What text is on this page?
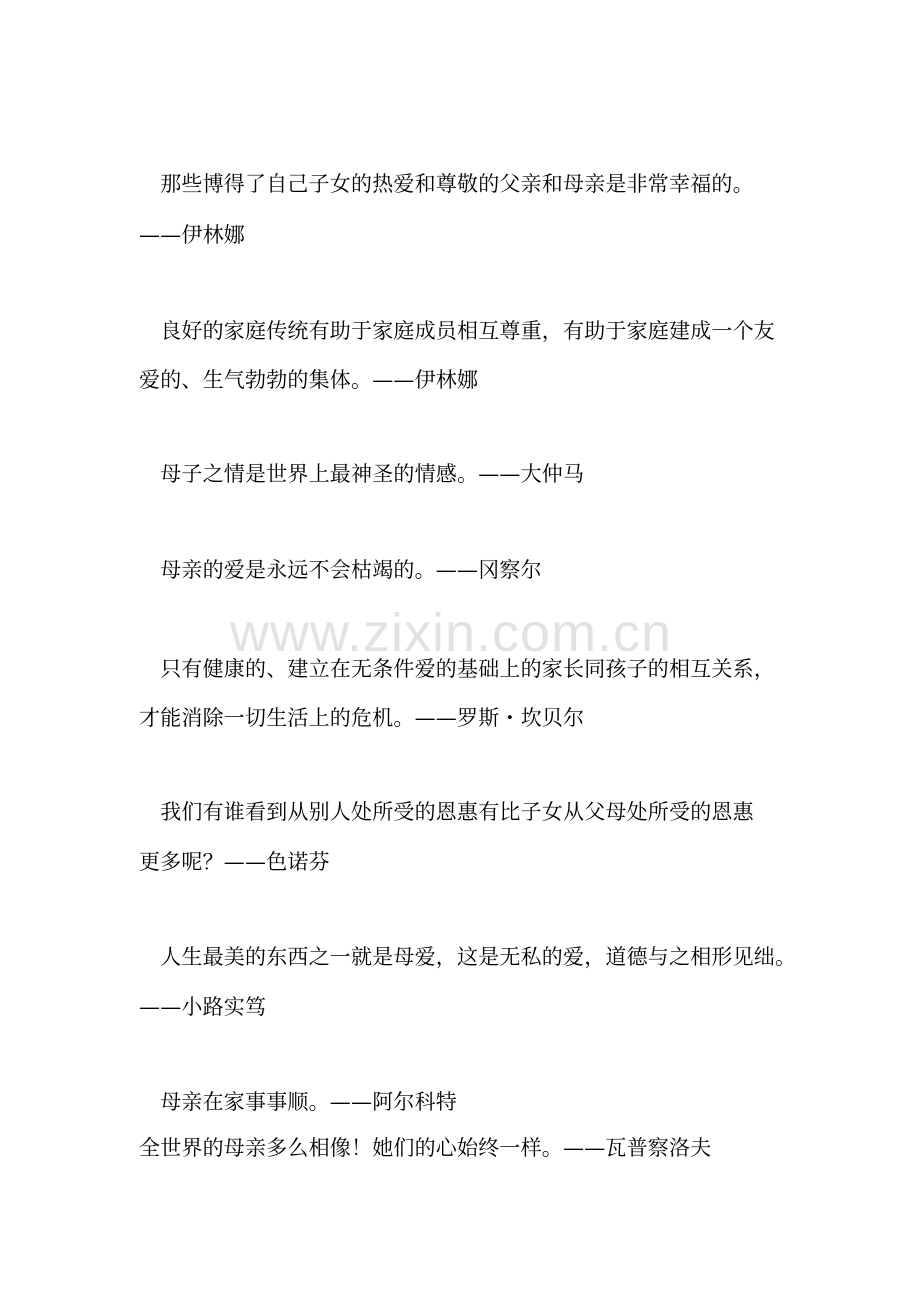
　那些博得了自己子女的热爱和尊敬的父亲和母亲是非常幸福的。
——伊林娜
　良好的家庭传统有助于家庭成员相互尊重，有助于家庭建成一个友
爱的、生气勃勃的集体。——伊林娜
　母子之情是世界上最神圣的情感。——大仲马
　母亲的爱是永远不会枯竭的。——冈察尔
www.zixin.com.cn
　只有健康的、建立在无条件爱的基础上的家长同孩子的相互关系，
才能消除一切生活上的危机。——罗斯・坎贝尔
　我们有谁看到从别人处所受的恩惠有比子女从父母处所受的恩惠
更多呢？——色诺芬
　人生最美的东西之一就是母爱，这是无私的爱，道德与之相形见绌。
——小路实笃
　母亲在家事事顺。——阿尔科特
全世界的母亲多么相像！她们的心始终一样。——瓦普察洛夫
